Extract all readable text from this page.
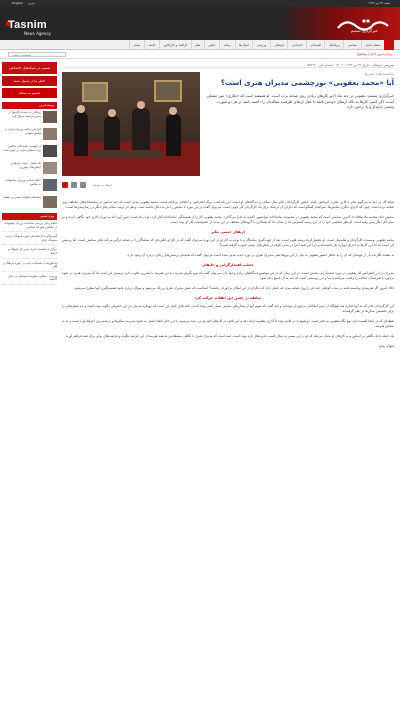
English عربي	شنبه ۲۲ تیر ۱۳۹۲
Tasnim
News Agency
خبرگزاری تسنیم
صفحه اصلی
سیاسی
بین‌الملل
اقتصادی
اجتماعی
فرهنگی
ورزشی
استان‌ها
رسانه
عکس
فیلم
گرافیک و کاریکاتور
جامعه
بیشتر
جستجو در سایت
پربازدیدترین اخبار | پیشخوان
تسنیم در شبکه‌های اجتماعی
اخبار ما در ایمیل شما
تسنیم به نسخه
پربیننده‌ترین
روحانی به پایبندی گاسیچ از سفیر فرانسه سؤال کرد
گزارش ترکیب وزیران ایران در مجمع عمومی
درخواست نمایندگان مجلس برای شفاف‌سازی در حوزه نفت
یک تحلیل: دولت یازدهم و چالش‌های پیش‌رو
اعلام اسامی وزیران پیشنهادی به مجلس
پیامدهای تحولات مصر بر منطقه
ویژه تسنیم
اعلام زمان بررسی صلاحیت وزرای پیشنهادی در مجلس شورای اسلامی
گفت‌وگو با کارشناسان حوزه فرهنگ درباره سینمای ایران
برگزاری نشست خبری مدیر کل فرهنگ و ارشاد
واکنش‌ها به انتصابات جدید در حوزه فرهنگ و هنر
بررسی عملکرد معاونت سینمایی در سال گذشته
سرویس: فرهنگی - تاریخ: ۲۲ تیر ۱۳۹۲ - ۱۷:۰۴ - شماره خبر: ۷۸۷۹۲۰
ارسال به دوستان
یادداشت/ هادی حسن‌نیا
آیا «محمد یعقوبی» نورچشمی مدیران هنری است؟
خبرگزاری تسنیم: یعقوبی در چند ماه اخیر کارهای زیادی روی صحنه برده است. او همیشه است که «تکاری» مور مشکن است. اگر کسی کارها به نگاه ارتقای خودش باشد تا عقل ارتقای ظرفیت مقاله‌یان را داشته باشد در هر دو صورت وضعی ناپایدار و یا درخور دارد.

شاید کار در دنیا نه می‌گوید تئاتر با کاری تئاتری اثربخش باشد. حضور کارگردانان تئاتر سال شکل، و دیدگاه‌های او است. این یادداشت برنگ اعتراضی و انتقادی پرداخته است. محمد یعقوبی مدتی است که چند نمایش در نمایشخانه‌های مختلف روی صحنه برده است. چون که اجرای دیگری نمایش‌ها، سرانجام گفتگو است که اجرای آن بی‌شک برای یک کارگردان کار خوبی است. می‌توان گفت در این مورد تا نمایش را نیز به دنبال داشته است و هم جز نرمت سالنی‌های دیگر در زمان‌بندی‌ها است.

نمایش «یک مقدمه یک ملاقات» آخرین نمایشی است که محمد یعقوبی در مجموعه تماشاخانه ایرانشهر، اکنون به اجرا می‌گذارد. محمد یعقوبی کار را از همسایگی تماشاخانه آغاز کرد. او در یادداشت چنین آورد که به دوران کاری خود نگاهی کرده و بر تمام آثار دیگر پیش رفته است. او نظر شخصی خود را در این زمینه گسترش داد و نشان داد که همکاری با گروه‌های مختلف در این مدت از خصوصیات کار او بوده است.

ارتقای جنسی تئاتر

محمد یعقوبی نویسنده، کارگردان و فیلم‌ساز است. او تحصیل‌کرده رشته علوم است. بعد از جهت‌گیری تماشاگر و با توجه به آثار او در این دوره می‌توان گفت که در کار او انگیزه‌ای که تماشاگر را در صحنه درگیر می‌کند قابل ستایش است. اما پرسش این است که آیا این کارها به اجرای دوباره نیاز داشته‌اند و چرا این همه اجرا در مدتی کوتاه در سالن‌های دولتی صورت گرفته است؟

به عقیده نگارنده بار از عهده‌ای که آن را به خاطر حضور یعقوبی به یکی از این نوع‌ها یعنی مدیران هنری در دوره جدید تبدیل شده است می‌توان گفت که همچنان پرسش‌های زیادی درباره آن وجود دارد.

حجاب، افتخارگرایی و خلیفان

مدیران در این کنفرانس کار یعقوبی در مورد صحنه‌آرایی نمایش است. در این زمان که در این موضوع دیدگاه‌های زیادی وجود دارد می‌توان گفت که نوع نگرش مدیران به این هنرمند با سایرین تفاوت دارد. پرسش این است که آیا مدیران هنری در نحوه برخورد با هنرمندان عدالت را رعایت می‌کنند یا نه؛ و این پرسشی است که باید به آن پاسخ داده شود.

حالا، امروز اگر هنرمندی توانسته باشد در مدت کوتاهی چند اثر را روی صحنه ببرد، چه دلیلی دارد که دیگران از این امکان برخوردار نباشند؟ اینجاست که نقش مدیران هنری پررنگ می‌شود و سؤال درباره نحوه تصمیم‌گیری آنها مطرح می‌شود.

سابقه در چشن این انقلاب حرکت کرد

این کارگردانان تئاتر که به آنها اشاره شد هیچ‌گاه از چنین امکاناتی برخوردار نبوده‌اند و باید گفت که سهم آنها از سالن‌های نمایش بسیار کمتر بوده است. نکته قابل تأمل این است که رویکرد مدیران در این خصوص چگونه بوده است و چه معیارهایی را برای تخصیص سالن‌ها در نظر گرفته‌اند.

نقطه‌ای که در اینجا اهمیت دارد نوع نگاه یعقوبی به تئاتر است. او همواره در تلاش بوده تا آثاری متفاوت ارائه دهد و این تلاش در کارهای اخیر او نیز دیده می‌شود. با این حال انتقاد اصلی به نحوه مدیریت سالن‌ها و برنامه‌ریزی اجراها وارد است و نه به شخص هنرمند.

یک جمله با یک نگاهی بر اساس و به کارهای او نشان می‌دهد که او در این مسیر به دنبال کسب تجربه‌های تازه بوده است. امید است که مدیران هنری با نگاهی منصفانه‌تر به همه هنرمندان این عرصه بنگرند و فرصت‌های برابر برای همه فراهم آورند.

انتهای پیام/
